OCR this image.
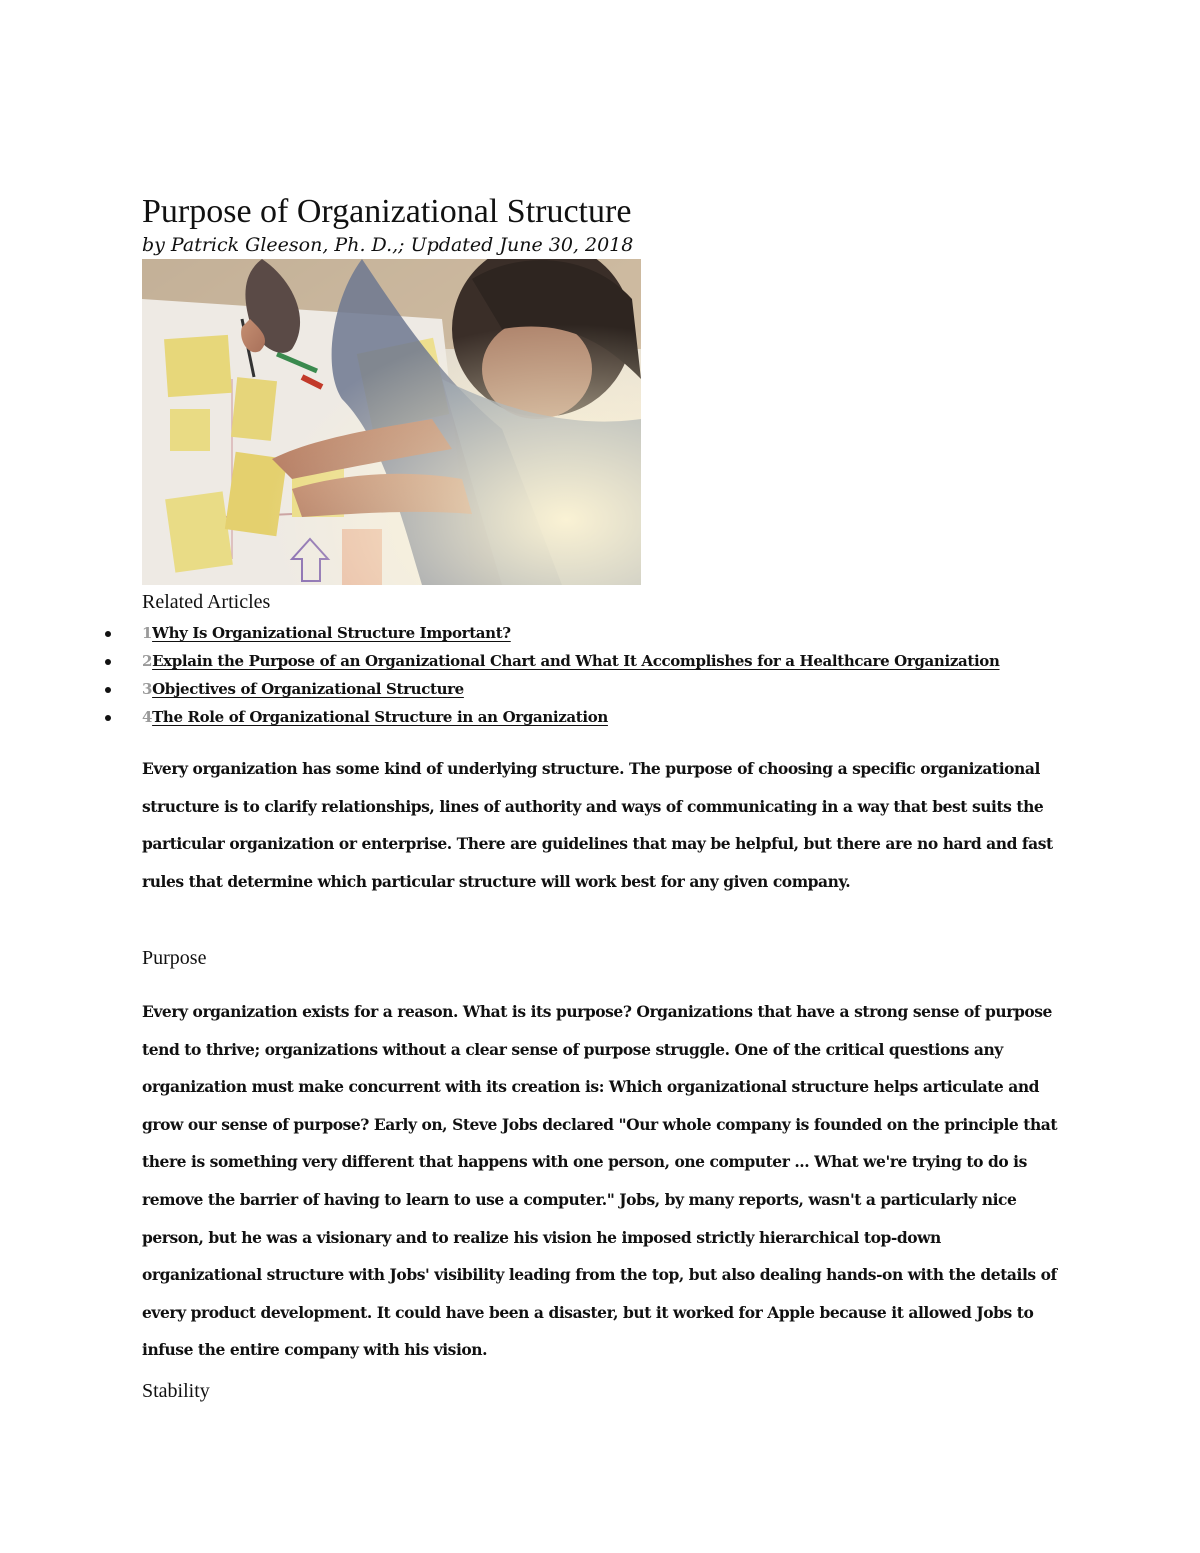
Purpose of Organizational Structure
by Patrick Gleeson, Ph. D.,; Updated June 30, 2018
Related Articles
1Why Is Organizational Structure Important?
2Explain the Purpose of an Organizational Chart and What It Accomplishes for a Healthcare Organization
3Objectives of Organizational Structure
4The Role of Organizational Structure in an Organization

Every organization has some kind of underlying structure. The purpose of choosing a specific organizational structure is to clarify relationships, lines of authority and ways of communicating in a way that best suits the particular organization or enterprise. There are guidelines that may be helpful, but there are no hard and fast rules that determine which particular structure will work best for any given company.

Purpose

Every organization exists for a reason. What is its purpose? Organizations that have a strong sense of purpose tend to thrive; organizations without a clear sense of purpose struggle. One of the critical questions any organization must make concurrent with its creation is: Which organizational structure helps articulate and grow our sense of purpose? Early on, Steve Jobs declared "Our whole company is founded on the principle that there is something very different that happens with one person, one computer ... What we're trying to do is remove the barrier of having to learn to use a computer." Jobs, by many reports, wasn't a particularly nice person, but he was a visionary and to realize his vision he imposed strictly hierarchical top-down organizational structure with Jobs' visibility leading from the top, but also dealing hands-on with the details of every product development. It could have been a disaster, but it worked for Apple because it allowed Jobs to infuse the entire company with his vision.

Stability
